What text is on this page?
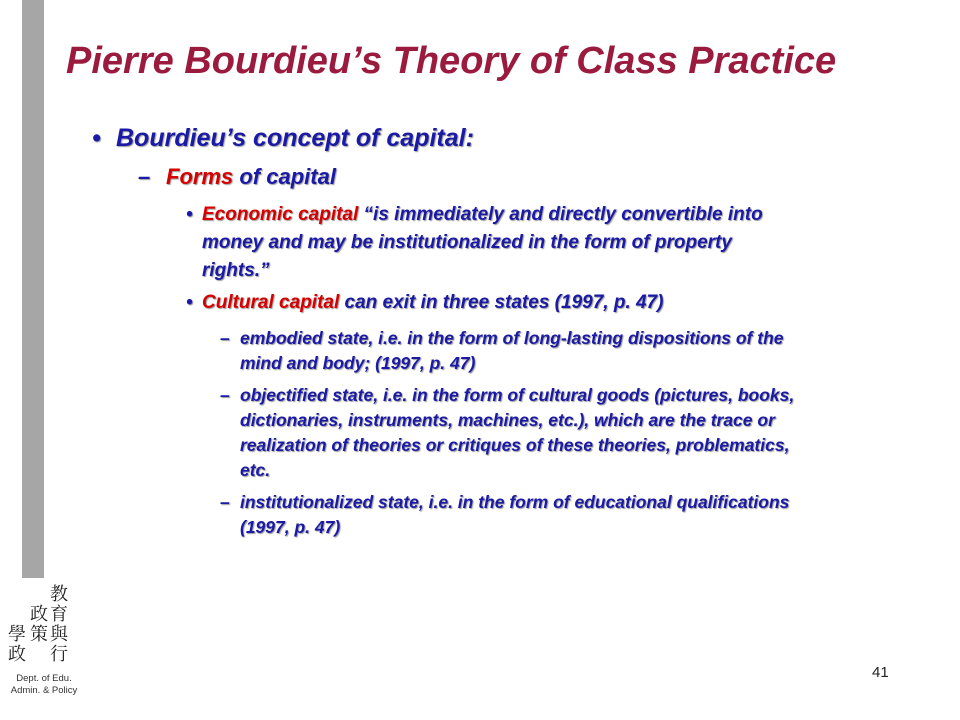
Pierre Bourdieu’s Theory of Class Practice
• Bourdieu’s concept of capital:
– Forms of capital
• Economic capital “is immediately and directly convertible into
money and may be institutionalized in the form of property
rights.”
• Cultural capital can exit in three states (1997, p. 47)
– embodied state, i.e. in the form of long-lasting dispositions of the
mind and body; (1997, p. 47)
– objectified state, i.e. in the form of cultural goods (pictures, books,
dictionaries, instruments, machines, etc.), which are the trace or
realization of theories or critiques of these theories, problematics,
etc.
– institutionalized state, i.e. in the form of educational qualifications
(1997, p. 47)
教育
與行
政策
學政
Dept. of Edu.
Admin. & Policy
41
